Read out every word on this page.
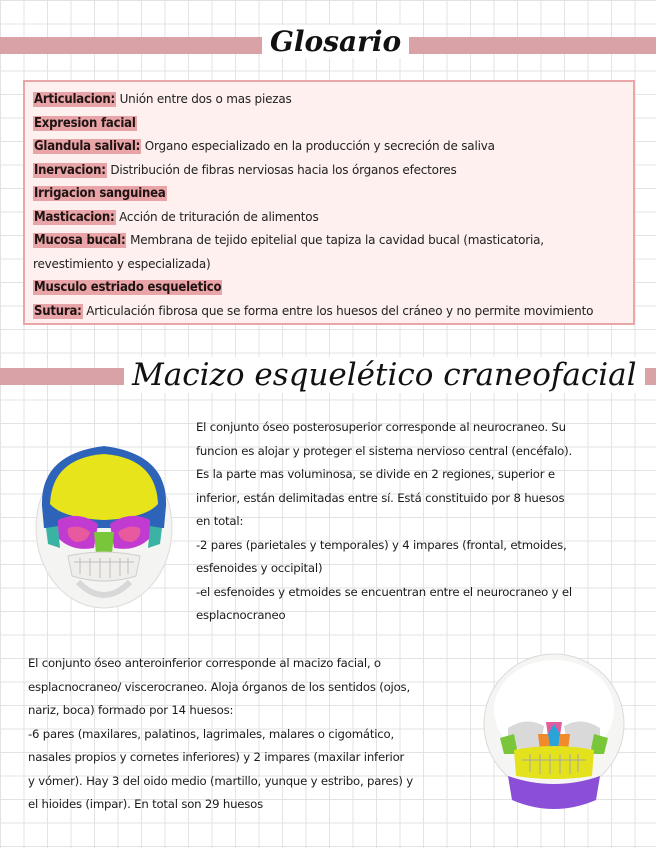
Glosario
Articulacion: Unión entre dos o mas piezas
Expresion facial
Glandula salival: Organo especializado en la producción y secreción de saliva
Inervacion: Distribución de fibras nerviosas hacia los órganos efectores
Irrigacion sanguinea
Masticacion: Acción de trituración de alimentos
Mucosa bucal: Membrana de tejido epitelial que tapiza la cavidad bucal (masticatoria, revestimiento y especializada)
Musculo estriado esqueletico
Sutura: Articulación fibrosa que se forma entre los huesos del cráneo y no permite movimiento
Macizo esquelético craneofacial
El conjunto óseo posterosuperior corresponde al neurocraneo. Su
funcion es alojar y proteger el sistema nervioso central (encéfalo).
Es la parte mas voluminosa, se divide en 2 regiones, superior e
inferior, están delimitadas entre sí. Está constituido por 8 huesos
en total:
-2 pares (parietales y temporales) y 4 impares (frontal, etmoides,
esfenoides y occipital)
-el esfenoides y etmoides se encuentran entre el neurocraneo y el
esplacnocraneo
El conjunto óseo anteroinferior corresponde al macizo facial, o
esplacnocraneo/ viscerocraneo. Aloja órganos de los sentidos (ojos,
nariz, boca) formado por 14 huesos:
-6 pares (maxilares, palatinos, lagrimales, malares o cigomático,
nasales propios y cornetes inferiores) y 2 impares (maxilar inferior
y vómer). Hay 3 del oido medio (martillo, yunque y estribo, pares) y
el hioides (impar). En total son 29 huesos
